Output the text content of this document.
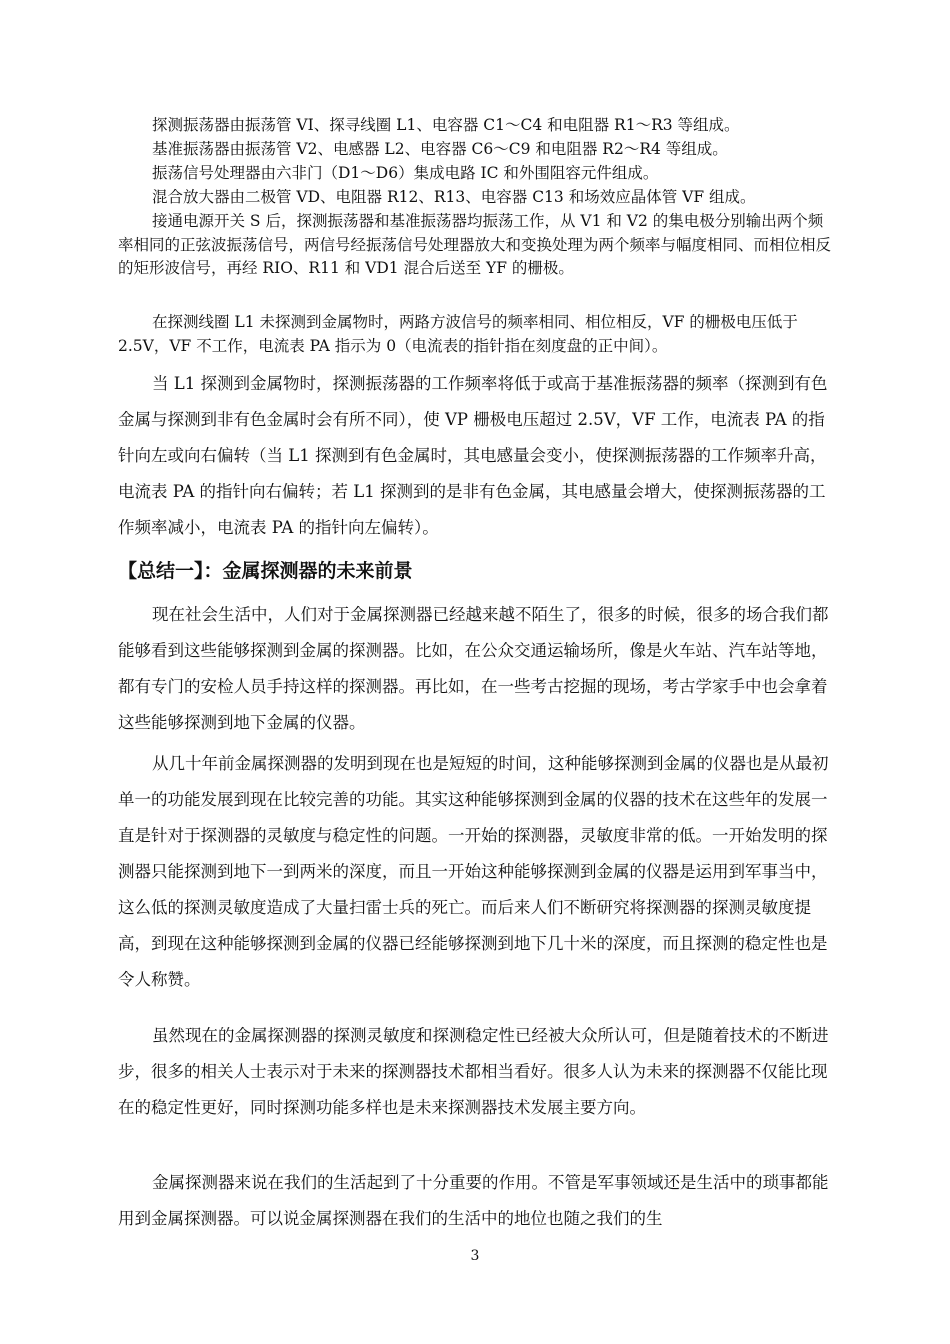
探测振荡器由振荡管 VI、探寻线圈 L1、电容器 C1～C4 和电阻器 R1～R3 等组成。

基准振荡器由振荡管 V2、电感器 L2、电容器 C6～C9 和电阻器 R2～R4 等组成。

振荡信号处理器由六非门（D1～D6）集成电路 IC 和外围阻容元件组成。

混合放大器由二极管 VD、电阻器 R12、R13、电容器 C13 和场效应晶体管 VF 组成。

接通电源开关 S 后，探测振荡器和基准振荡器均振荡工作，从 V1 和 V2 的集电极分别输出两个频率相同的正弦波振荡信号，两信号经振荡信号处理器放大和变换处理为两个频率与幅度相同、而相位相反的矩形波信号，再经 RIO、R11 和 VD1 混合后送至 YF 的栅极。

在探测线圈 L1 未探测到金属物时，两路方波信号的频率相同、相位相反，VF 的栅极电压低于 2.5V，VF 不工作，电流表 PA 指示为 0（电流表的指针指在刻度盘的正中间）。

当 L1 探测到金属物时，探测振荡器的工作频率将低于或高于基准振荡器的频率（探测到有色金属与探测到非有色金属时会有所不同），使 VP 栅极电压超过 2.5V，VF 工作，电流表 PA 的指针向左或向右偏转（当 L1 探测到有色金属时，其电感量会变小，使探测振荡器的工作频率升高，电流表 PA 的指针向右偏转；若 L1 探测到的是非有色金属，其电感量会增大，使探测振荡器的工作频率减小，电流表 PA 的指针向左偏转）。

【总结一】：金属探测器的未来前景

现在社会生活中，人们对于金属探测器已经越来越不陌生了，很多的时候，很多的场合我们都能够看到这些能够探测到金属的探测器。比如，在公众交通运输场所，像是火车站、汽车站等地，都有专门的安检人员手持这样的探测器。再比如，在一些考古挖掘的现场，考古学家手中也会拿着这些能够探测到地下金属的仪器。

从几十年前金属探测器的发明到现在也是短短的时间，这种能够探测到金属的仪器也是从最初单一的功能发展到现在比较完善的功能。其实这种能够探测到金属的仪器的技术在这些年的发展一直是针对于探测器的灵敏度与稳定性的问题。一开始的探测器，灵敏度非常的低。一开始发明的探测器只能探测到地下一到两米的深度，而且一开始这种能够探测到金属的仪器是运用到军事当中，这么低的探测灵敏度造成了大量扫雷士兵的死亡。而后来人们不断研究将探测器的探测灵敏度提高，到现在这种能够探测到金属的仪器已经能够探测到地下几十米的深度，而且探测的稳定性也是令人称赞。

虽然现在的金属探测器的探测灵敏度和探测稳定性已经被大众所认可，但是随着技术的不断进步，很多的相关人士表示对于未来的探测器技术都相当看好。很多人认为未来的探测器不仅能比现在的稳定性更好，同时探测功能多样也是未来探测器技术发展主要方向。

金属探测器来说在我们的生活起到了十分重要的作用。不管是军事领域还是生活中的琐事都能用到金属探测器。可以说金属探测器在我们的生活中的地位也随之我们的生

3
